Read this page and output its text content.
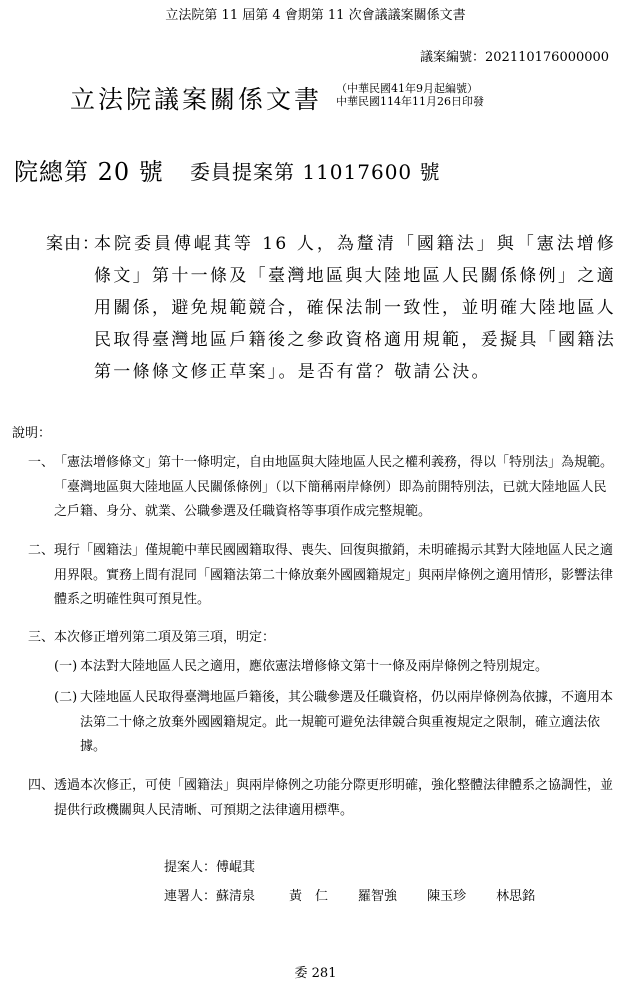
立法院第 11 屆第 4 會期第 11 次會議議案關係文書
議案編號：202110176000000
立法院議案關係文書 （中華民國41年9月起編號）
中華民國114年11月26日印發
院總第 20 號 委員提案第 11017600 號
案由：
本院委員傅崐萁等 16 人，為釐清「國籍法」與「憲法增修條文」第十一條及「臺灣地區與大陸地區人民關係條例」之適用關係，避免規範競合，確保法制一致性，並明確大陸地區人民取得臺灣地區戶籍後之參政資格適用規範，爰擬具「國籍法第一條條文修正草案」。是否有當？敬請公決。
說明：
一、 「憲法增修條文」第十一條明定，自由地區與大陸地區人民之權利義務，得以「特別法」為規範。「臺灣地區與大陸地區人民關係條例」（以下簡稱兩岸條例）即為前開特別法，已就大陸地區人民之戶籍、身分、就業、公職參選及任職資格等事項作成完整規範。
二、 現行「國籍法」僅規範中華民國國籍取得、喪失、回復與撤銷，未明確揭示其對大陸地區人民之適用界限。實務上間有混同「國籍法第二十條放棄外國國籍規定」與兩岸條例之適用情形，影響法律體系之明確性與可預見性。
三、 本次修正增列第二項及第三項，明定：
(一) 本法對大陸地區人民之適用，應依憲法增修條文第十一條及兩岸條例之特別規定。
(二) 大陸地區人民取得臺灣地區戶籍後，其公職參選及任職資格，仍以兩岸條例為依據，不適用本法第二十條之放棄外國國籍規定。此一規範可避免法律競合與重複規定之限制，確立適法依據。
四、 透過本次修正，可使「國籍法」與兩岸條例之功能分際更形明確，強化整體法律體系之協調性，並提供行政機關與人民清晰、可預期之法律適用標準。
提案人：傅崐萁
連署人：蘇清泉	黃　仁 羅智強 陳玉珍 林思銘
委 281
